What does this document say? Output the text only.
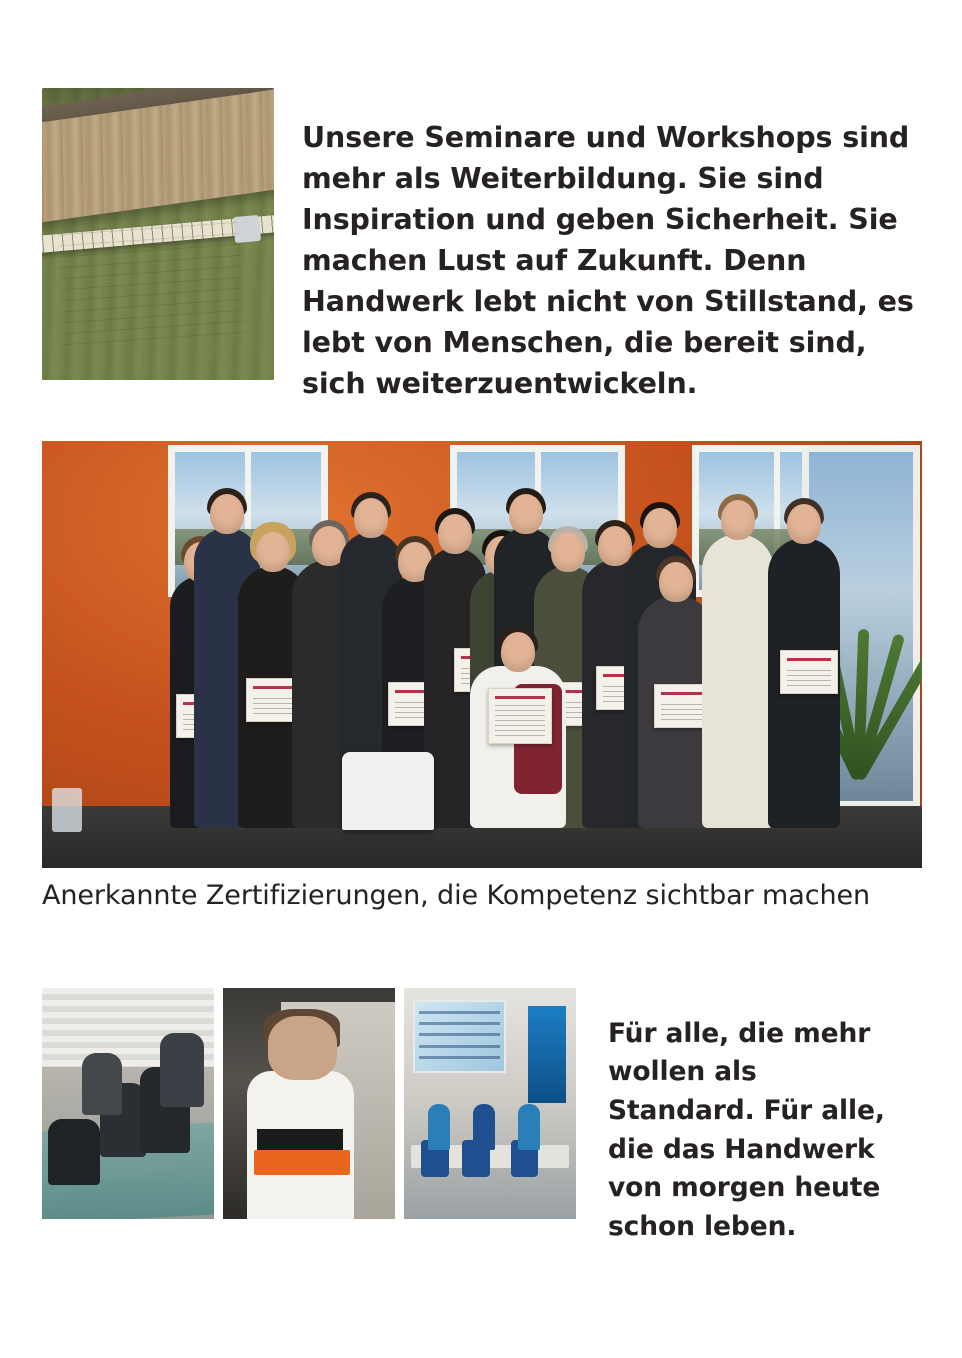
Unsere Seminare und Workshops sind mehr als Weiterbildung. Sie sind Inspiration und geben Sicherheit. Sie machen Lust auf Zukunft. Denn Handwerk lebt nicht von Stillstand, es lebt von Menschen, die bereit sind, sich weiterzuentwickeln.

Anerkannte Zertifizierungen, die Kompetenz sichtbar machen

Für alle, die mehr wollen als Standard. Für alle, die das Handwerk von morgen heute schon leben.
